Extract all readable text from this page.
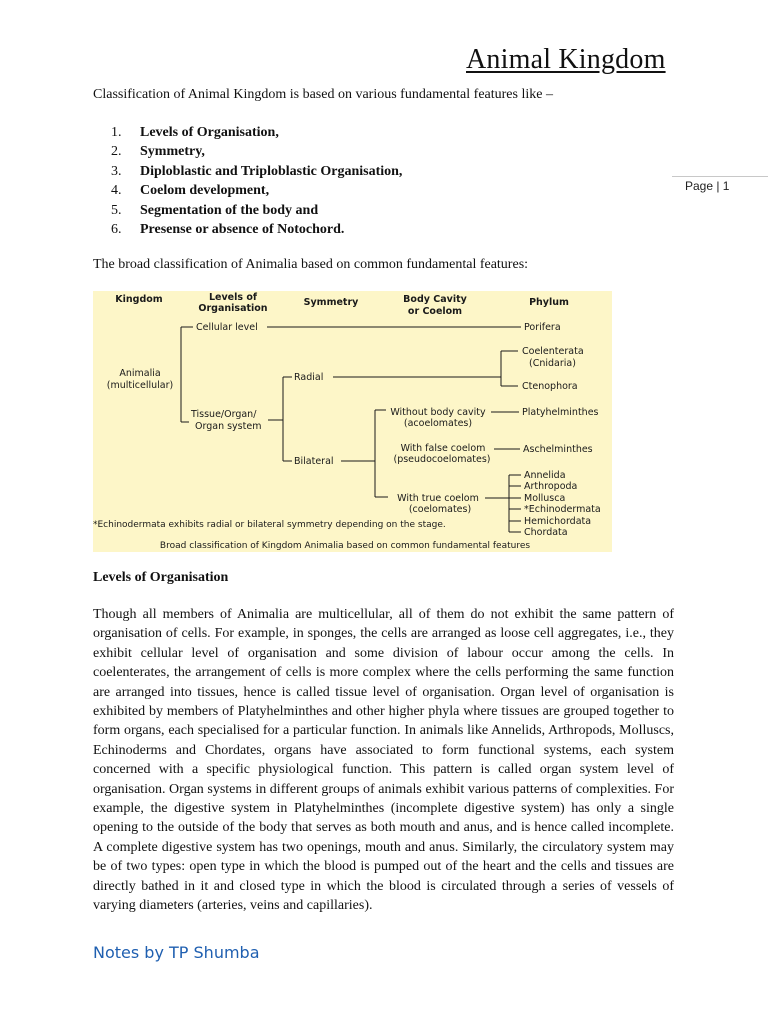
Animal Kingdom

Classification of Animal Kingdom is based on various fundamental features like –

1. Levels of Organisation,
2. Symmetry,
3. Diploblastic and Triploblastic Organisation,
4. Coelom development,
5. Segmentation of the body and
6. Presense or absence of Notochord.
Page | 1

The broad classification of Animalia based on common fundamental features:

Kingdom	Levels of
Organisation
Symmetry	Body Cavity
or Coelom
Phylum
Animalia
(multicellular)
Cellular level
Tissue/Organ/
Organ system
Radial
Bilateral
Without body cavity
(acoelomates)
With false coelom
(pseudocoelomates)
With true coelom
(coelomates)
Porifera
Coelenterata
(Cnidaria)
Ctenophora
Platyhelminthes
Aschelminthes
Annelida
Arthropoda
Mollusca
*Echinodermata
Hemichordata
Chordata
*Echinodermata exhibits radial or bilateral symmetry depending on the stage.
Broad classification of Kingdom Animalia based on common fundamental features
Levels of Organisation

Though all members of Animalia are multicellular, all of them do not exhibit the same pattern of organisation of cells. For example, in sponges, the cells are arranged as loose cell aggregates, i.e., they exhibit cellular level of organisation and some division of labour occur among the cells. In coelenterates, the arrangement of cells is more complex where the cells performing the same function are arranged into tissues, hence is called tissue level of organisation. Organ level of organisation is exhibited by members of Platyhelminthes and other higher phyla where tissues are grouped together to form organs, each specialised for a particular function. In animals like Annelids, Arthropods, Molluscs, Echinoderms and Chordates, organs have associated to form functional systems, each system concerned with a specific physiological function. This pattern is called organ system level of organisation. Organ systems in different groups of animals exhibit various patterns of complexities. For example, the digestive system in Platyhelminthes (incomplete digestive system) has only a single opening to the outside of the body that serves as both mouth and anus, and is hence called incomplete. A complete digestive system has two openings, mouth and anus. Similarly, the circulatory system may be of two types: open type in which the blood is pumped out of the heart and the cells and tissues are directly bathed in it and closed type in which the blood is circulated through a series of vessels of varying diameters (arteries, veins and capillaries).

Notes by TP Shumba
